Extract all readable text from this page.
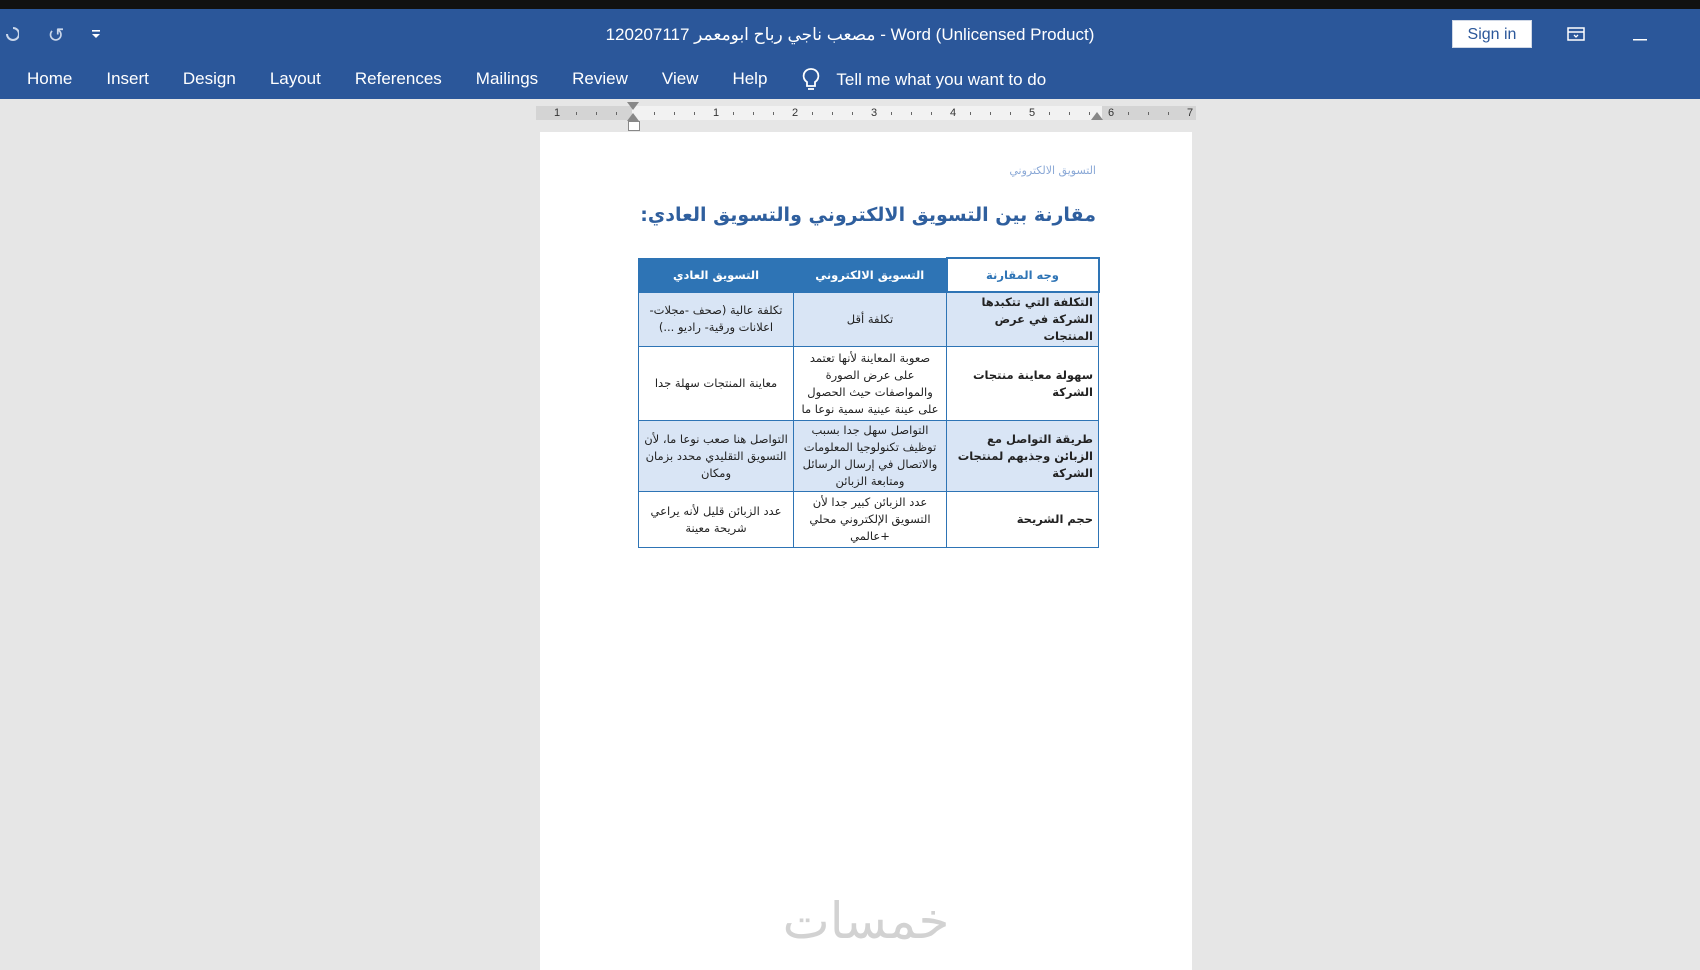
↺	120207117 مصعب ناجي رباح ابومعمر - Word (Unlicensed Product)	Sign in
Home	Insert	Design	Layout	References	Mailings	Review	View	Help	Tell me what you want to do
1	1	2	3	4	5	6	7
التسويق الالكتروني
مقارنة بين التسويق الالكتروني والتسويق العادي:
وجه المقارنة	التسويق الالكتروني	التسويق العادي
التكلفة التي تتكبدها الشركة في عرض المنتجات	تكلفة أقل	تكلفة عالية (صحف -مجلات- اعلانات ورقية- راديو ...)
سهولة معاينة منتجات الشركة	صعوبة المعاينة لأنها تعتمد على عرض الصورة والمواصفات حيث الحصول على عينة عينية سمية نوعا ما	معاينة المنتجات سهلة جدا
طريقة التواصل مع الزبائن وجذبهم لمنتجات الشركة	التواصل سهل جدا بسبب توظيف تكنولوجيا المعلومات والاتصال في إرسال الرسائل ومتابعة الزبائن	التواصل هنا صعب نوعا ما، لأن التسويق التقليدي محدد بزمان ومكان
حجم الشريحة	عدد الزبائن كبير جدا لأن التسويق الإلكتروني محلي +عالمي	عدد الزبائن قليل لأنه يراعي شريحة معينة
خمسات
